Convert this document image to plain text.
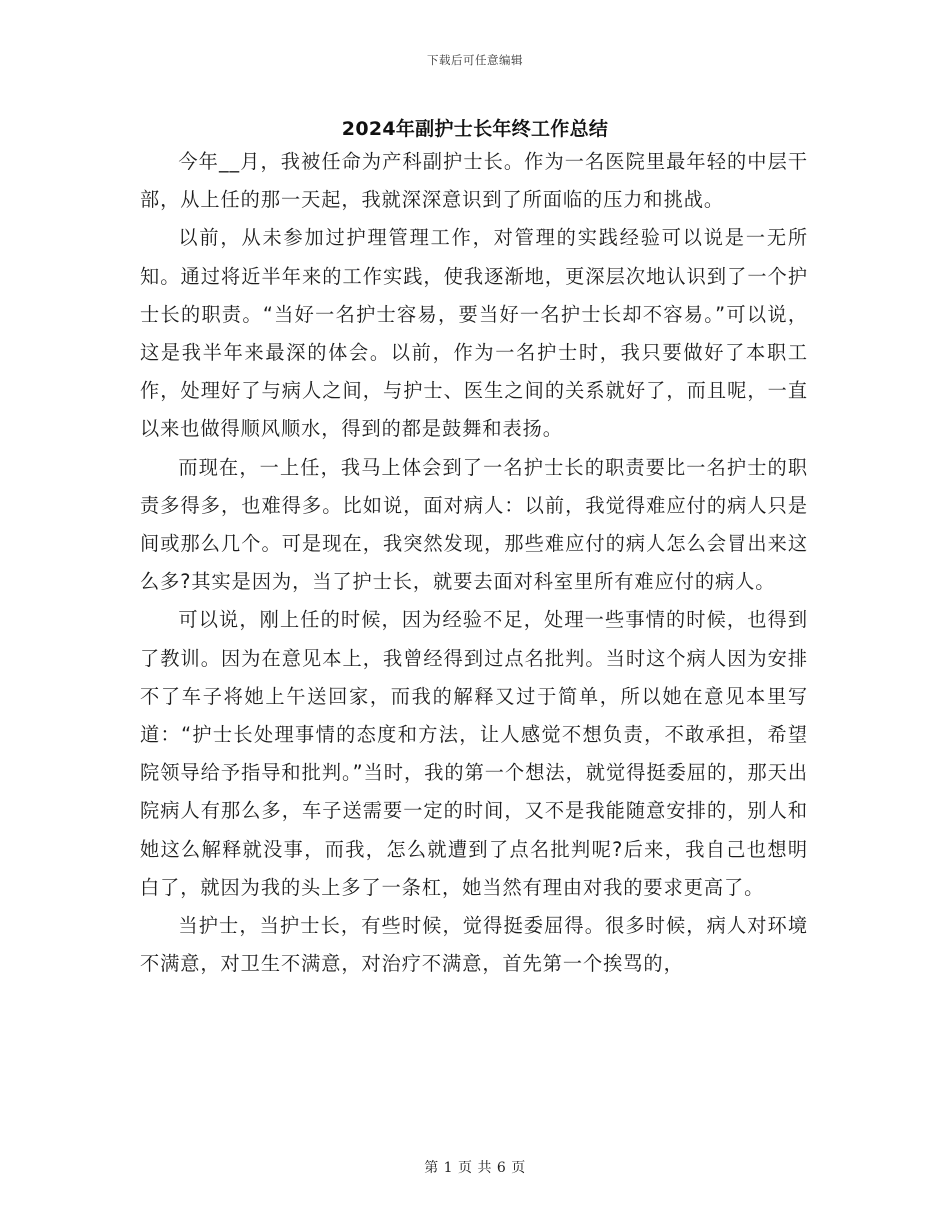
下载后可任意编辑
2024年副护士长年终工作总结

今年__月，我被任命为产科副护士长。作为一名医院里最年轻的中层干部，从上任的那一天起，我就深深意识到了所面临的压力和挑战。

以前，从未参加过护理管理工作，对管理的实践经验可以说是一无所知。通过将近半年来的工作实践，使我逐渐地，更深层次地认识到了一个护士长的职责。“当好一名护士容易，要当好一名护士长却不容易。”可以说，这是我半年来最深的体会。以前，作为一名护士时，我只要做好了本职工作，处理好了与病人之间，与护士、医生之间的关系就好了，而且呢，一直以来也做得顺风顺水，得到的都是鼓舞和表扬。

而现在，一上任，我马上体会到了一名护士长的职责要比一名护士的职责多得多，也难得多。比如说，面对病人：以前，我觉得难应付的病人只是间或那么几个。可是现在，我突然发现，那些难应付的病人怎么会冒出来这么多?其实是因为，当了护士长，就要去面对科室里所有难应付的病人。

可以说，刚上任的时候，因为经验不足，处理一些事情的时候，也得到了教训。因为在意见本上，我曾经得到过点名批判。当时这个病人因为安排不了车子将她上午送回家，而我的解释又过于简单，所以她在意见本里写道：“护士长处理事情的态度和方法，让人感觉不想负责，不敢承担，希望院领导给予指导和批判。”当时，我的第一个想法，就觉得挺委屈的，那天出院病人有那么多，车子送需要一定的时间，又不是我能随意安排的，别人和她这么解释就没事，而我，怎么就遭到了点名批判呢?后来，我自己也想明白了，就因为我的头上多了一条杠，她当然有理由对我的要求更高了。

当护士，当护士长，有些时候，觉得挺委屈得。很多时候，病人对环境不满意，对卫生不满意，对治疗不满意，首先第一个挨骂的，

第 1 页 共 6 页
